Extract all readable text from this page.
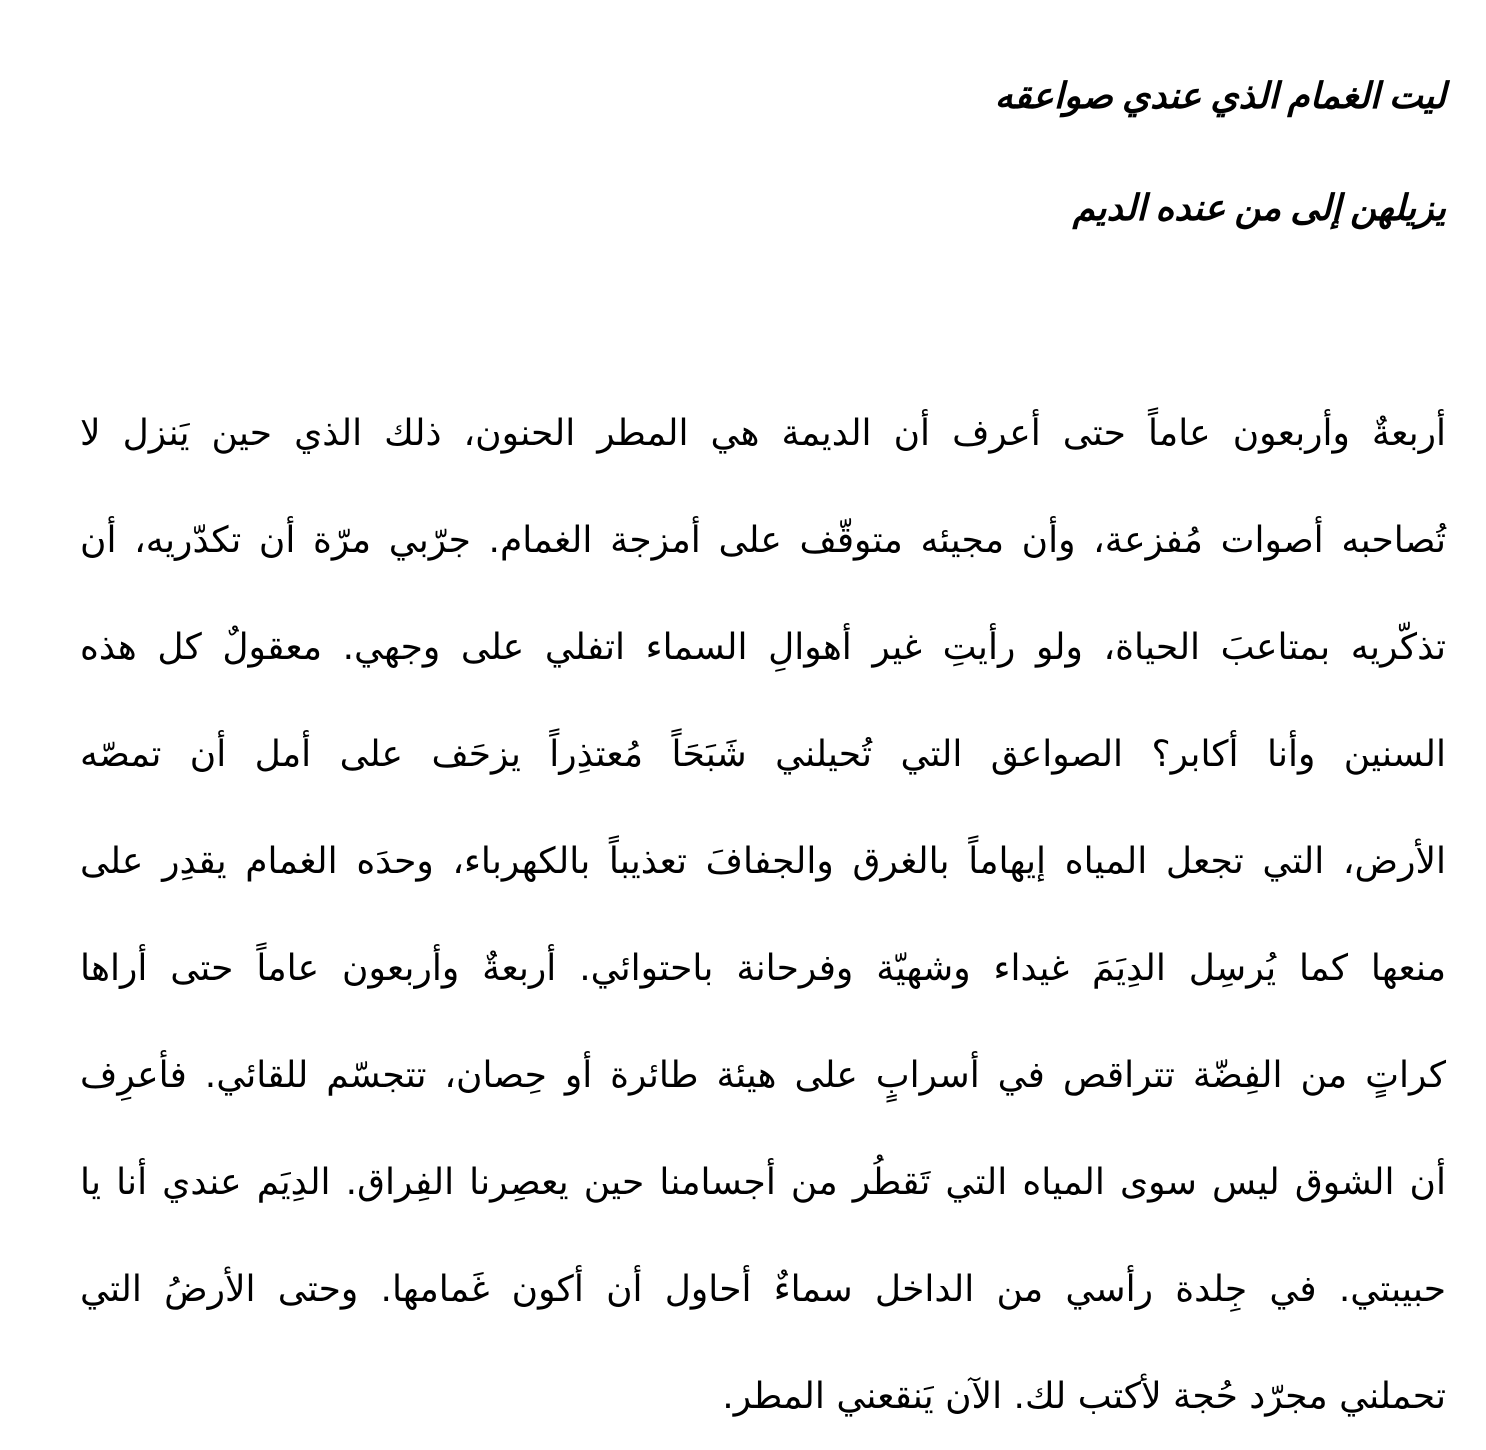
ليت الغمام الذي عندي صواعقه

يزيلهن إلى من عنده الديم

أربعةٌ وأربعون عاماً حتى أعرف أن الديمة هي المطر الحنون، ذلك الذي حين يَنزل لا
تُصاحبه أصوات مُفزعة، وأن مجيئه متوقّف على أمزجة الغمام. جرّبي مرّة أن تكدّريه، أن
تذكّريه بمتاعبَ الحياة، ولو رأيتِ غير أهوالِ السماء اتفلي على وجهي. معقولٌ كل هذه
السنين وأنا أكابر؟ الصواعق التي تُحيلني شَبَحَاً مُعتذِراً يزحَف على أمل أن تمصّه
الأرض، التي تجعل المياه إيهاماً بالغرق والجفافَ تعذيباً بالكهرباء، وحدَه الغمام يقدِر على
منعها كما يُرسِل الدِيَمَ غيداء وشهيّة وفرحانة باحتوائي. أربعةٌ وأربعون عاماً حتى أراها
كراتٍ من الفِضّة تتراقص في أسرابٍ على هيئة طائرة أو حِصان، تتجسّم للقائي. فأعرِف
أن الشوق ليس سوى المياه التي تَقطُر من أجسامنا حين يعصِرنا الفِراق. الدِيَم عندي أنا يا
حبيبتي. في جِلدة رأسي من الداخل سماءٌ أحاول أن أكون غَمامها. وحتى الأرضُ التي
تحملني مجرّد حُجة لأكتب لك. الآن يَنقعني المطر.
